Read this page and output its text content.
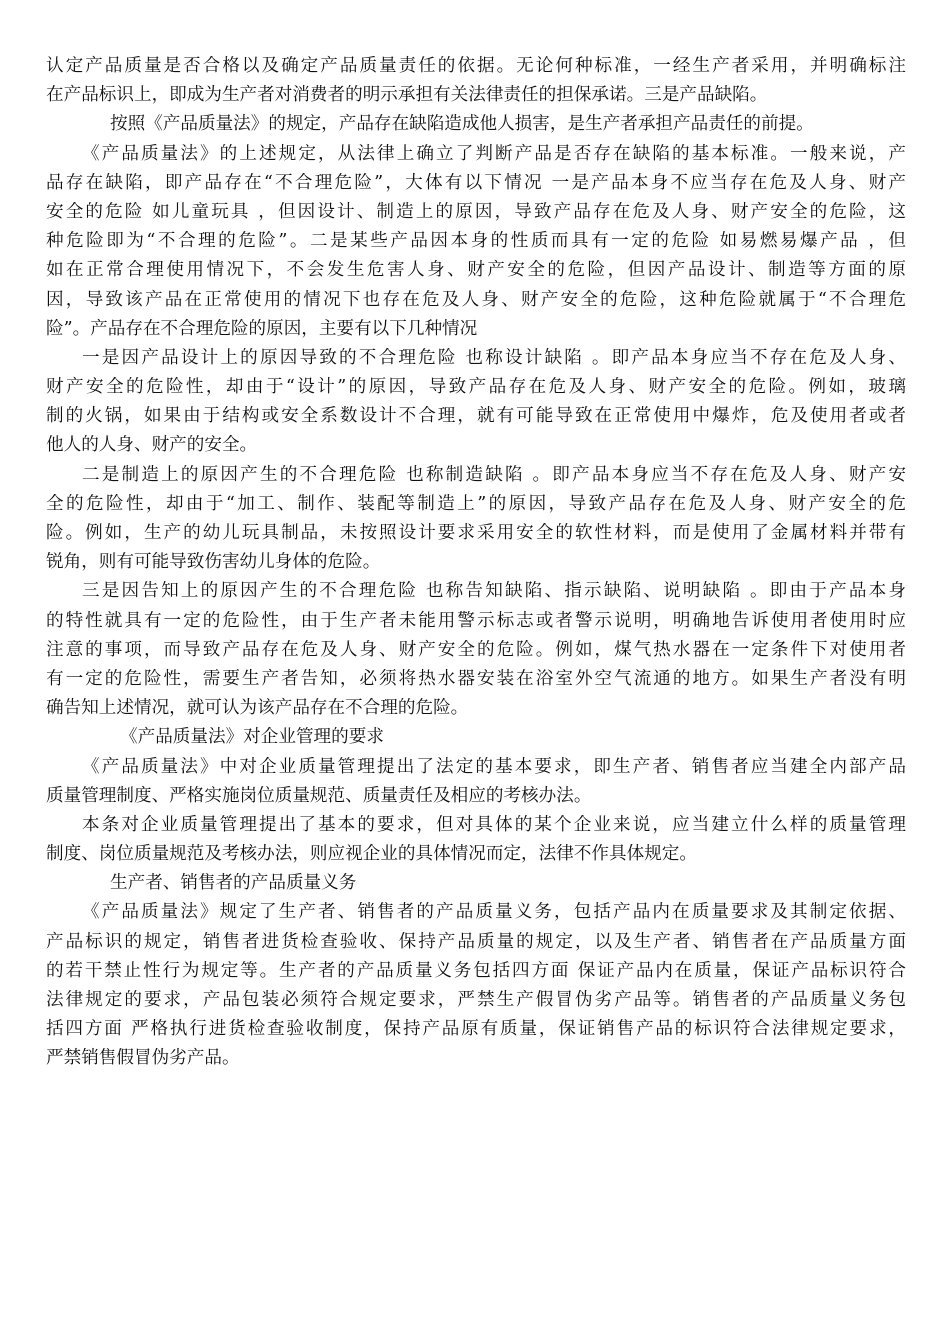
认定产品质量是否合格以及确定产品质量责任的依据。无论何种标准，一经生产者采用，并明确标注
在产品标识上，即成为生产者对消费者的明示承担有关法律责任的担保承诺。三是产品缺陷。
按照《产品质量法》的规定，产品存在缺陷造成他人损害，是生产者承担产品责任的前提。
《产品质量法》的上述规定，从法律上确立了判断产品是否存在缺陷的基本标准。一般来说，产
品存在缺陷，即产品存在“不合理危险”，大体有以下情况 一是产品本身不应当存在危及人身、财产
安全的危险 如儿童玩具 ，但因设计、制造上的原因，导致产品存在危及人身、财产安全的危险，这
种危险即为“不合理的危险”。二是某些产品因本身的性质而具有一定的危险 如易燃易爆产品 ，但
如在正常合理使用情况下，不会发生危害人身、财产安全的危险，但因产品设计、制造等方面的原
因，导致该产品在正常使用的情况下也存在危及人身、财产安全的危险，这种危险就属于“不合理危
险”。产品存在不合理危险的原因，主要有以下几种情况
一是因产品设计上的原因导致的不合理危险 也称设计缺陷 。即产品本身应当不存在危及人身、
财产安全的危险性，却由于“设计”的原因，导致产品存在危及人身、财产安全的危险。例如，玻璃
制的火锅，如果由于结构或安全系数设计不合理，就有可能导致在正常使用中爆炸，危及使用者或者
他人的人身、财产的安全。
二是制造上的原因产生的不合理危险 也称制造缺陷 。即产品本身应当不存在危及人身、财产安
全的危险性，却由于“加工、制作、装配等制造上”的原因，导致产品存在危及人身、财产安全的危
险。例如，生产的幼儿玩具制品，未按照设计要求采用安全的软性材料，而是使用了金属材料并带有
锐角，则有可能导致伤害幼儿身体的危险。
三是因告知上的原因产生的不合理危险 也称告知缺陷、指示缺陷、说明缺陷 。即由于产品本身
的特性就具有一定的危险性，由于生产者未能用警示标志或者警示说明，明确地告诉使用者使用时应
注意的事项，而导致产品存在危及人身、财产安全的危险。例如，煤气热水器在一定条件下对使用者
有一定的危险性，需要生产者告知，必须将热水器安装在浴室外空气流通的地方。如果生产者没有明
确告知上述情况，就可认为该产品存在不合理的危险。
《产品质量法》对企业管理的要求
《产品质量法》中对企业质量管理提出了法定的基本要求，即生产者、销售者应当建全内部产品
质量管理制度、严格实施岗位质量规范、质量责任及相应的考核办法。
本条对企业质量管理提出了基本的要求，但对具体的某个企业来说，应当建立什么样的质量管理
制度、岗位质量规范及考核办法，则应视企业的具体情况而定，法律不作具体规定。
生产者、销售者的产品质量义务
《产品质量法》规定了生产者、销售者的产品质量义务，包括产品内在质量要求及其制定依据、
产品标识的规定，销售者进货检查验收、保持产品质量的规定，以及生产者、销售者在产品质量方面
的若干禁止性行为规定等。生产者的产品质量义务包括四方面 保证产品内在质量，保证产品标识符合
法律规定的要求，产品包装必须符合规定要求，严禁生产假冒伪劣产品等。销售者的产品质量义务包
括四方面 严格执行进货检查验收制度，保持产品原有质量，保证销售产品的标识符合法律规定要求，
严禁销售假冒伪劣产品。
